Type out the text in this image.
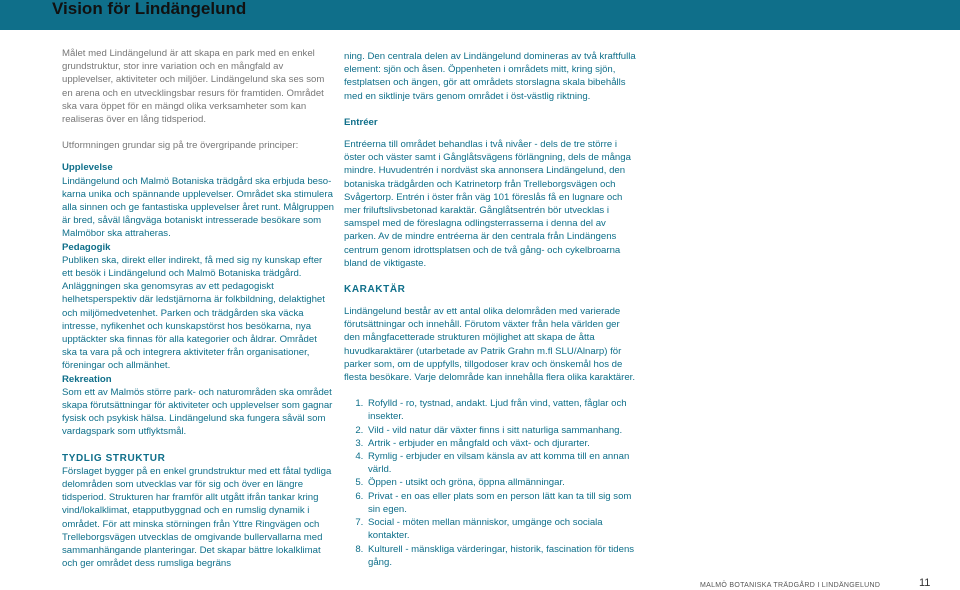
Vision för Lindängelund

Målet med Lindängelund är att skapa en park med en enkel grundstruktur, stor inre variation och en mångfald av upplevelser, aktiviteter och miljöer. Lindängelund ska ses som en arena och en utvecklingsbar resurs för framtiden. Området ska vara öppet för en mängd olika verksamheter som kan realiseras över en lång tidsperiod.

Utformningen grundar sig på tre övergripande principer:

Upplevelse

Lindängelund och Malmö Botaniska trädgård ska erbjuda besokarna unika och spännande upplevelser. Området ska stimulera alla sinnen och ge fantastiska upplevelser året runt. Målgruppen är bred, såväl långväga botaniskt intresserade besökare som Malmöbor ska attraheras.

Pedagogik

Publiken ska, direkt eller indirekt, få med sig ny kunskap efter ett besök i Lindängelund och Malmö Botaniska trädgård. Anläggningen ska genomsyras av ett pedagogiskt helhetsperspektiv där ledstjärnorna är folkbildning, delaktighet och miljömedvetenhet. Parken och trädgården ska väcka intresse, nyfikenhet och kunskapstörst hos besökarna, nya upptäckter ska finnas för alla kategorier och åldrar. Området ska ta vara på och integrera aktiviteter från organisationer, föreningar och allmänhet.

Rekreation

Som ett av Malmös större park- och naturområden ska området skapa förutsättningar för aktiviteter och upplevelser som gagnar fysisk och psykisk hälsa. Lindängelund ska fungera såväl som vardagspark som utflyktsmål.

TYDLIG STRUKTUR

Förslaget bygger på en enkel grundstruktur med ett fåtal tydliga delområden som utvecklas var för sig och över en längre tidsperiod. Strukturen har framför allt utgått ifrån tankar kring vind/lokalklimat, etapputbyggnad och en rumslig dynamik i området. För att minska störningen från Yttre Ringvägen och Trelleborgsvägen utvecklas de omgivande bullervallarna med sammanhängande planteringar. Det skapar bättre lokalklimat och ger området dess rumsliga begräns

ning. Den centrala delen av Lindängelund domineras av två kraftfulla element: sjön och åsen. Öppenheten i områdets mitt, kring sjön, festplatsen och ängen, gör att områdets storslagna skala bibehålls med en siktlinje tvärs genom området i öst-västlig riktning.

Entréer

Entréerna till området behandlas i två nivåer - dels de tre större i öster och väster samt i Gånglåtsvägens förlängning, dels de många mindre. Huvudentrén i nordväst ska annonsera Lindängelund, den botaniska trädgården och Katrinetorp från Trelleborgsvägen och Svågertorp. Entrén i öster från väg 101 föreslås få en lugnare och mer friluftslivsbetonad karaktär. Gånglåtsentrén bör utvecklas i samspel med de föreslagna odlingsterrasserna i denna del av parken. Av de mindre entréerna är den centrala från Lindängens centrum genom idrottsplatsen och de två gång- och cykelbroarna bland de viktigaste.

KARAKTÄR

Lindängelund består av ett antal olika delområden med varierade förutsättningar och innehåll. Förutom växter från hela världen ger den mångfacetterade strukturen möjlighet att skapa de åtta huvudkaraktärer (utarbetade av Patrik Grahn m.fl SLU/Alnarp) för parker som, om de uppfylls, tillgodoser krav och önskemål hos de flesta besökare. Varje delområde kan innehålla flera olika karaktärer.

1. Rofylld - ro, tystnad, andakt. Ljud från vind, vatten, fåglar och insekter.
2. Vild - vild natur där växter finns i sitt naturliga sammanhang.
3. Artrik - erbjuder en mångfald och växt- och djurarter.
4. Rymlig - erbjuder en vilsam känsla av att komma till en annan värld.
5. Öppen - utsikt och gröna, öppna allmänningar.
6. Privat - en oas eller plats som en person lätt kan ta till sig som sin egen.
7. Social - möten mellan människor, umgänge och sociala kontakter.
8. Kulturell - mänskliga värderingar, historik, fascination för tidens gång.
MALMÖ BOTANISKA TRÄDGÅRD I LINDÄNGELUND	11
